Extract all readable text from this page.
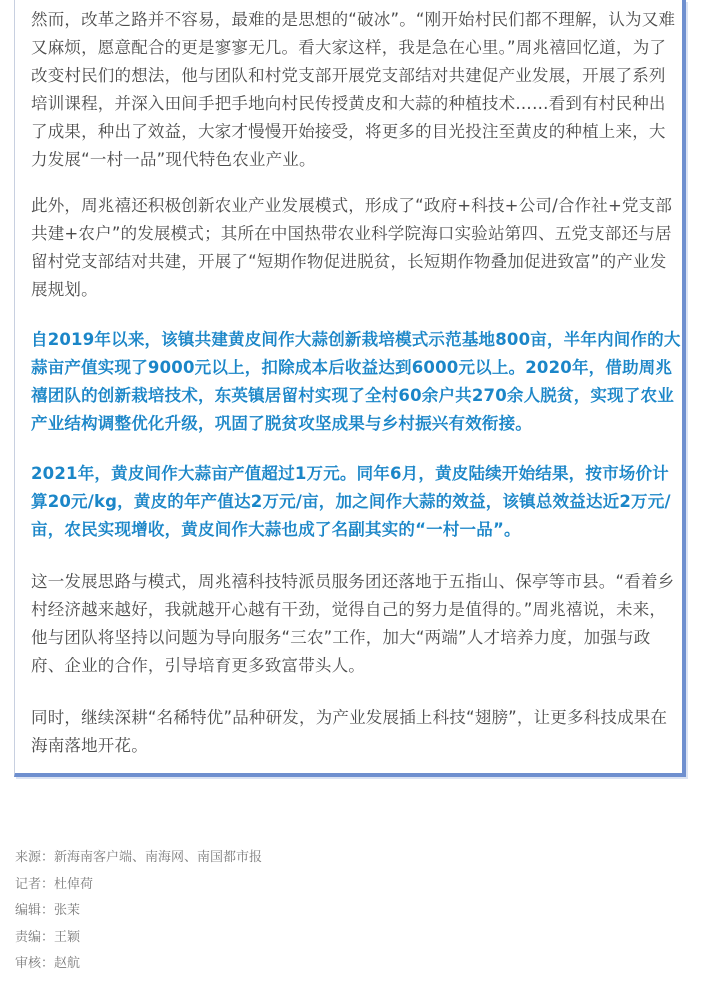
然而，改革之路并不容易，最难的是思想的“破冰”。“刚开始村民们都不理解，认为又难又麻烦，愿意配合的更是寥寥无几。看大家这样，我是急在心里。”周兆禧回忆道，为了改变村民们的想法，他与团队和村党支部开展党支部结对共建促产业发展，开展了系列培训课程，并深入田间手把手地向村民传授黄皮和大蒜的种植技术……看到有村民种出了成果，种出了效益，大家才慢慢开始接受，将更多的目光投注至黄皮的种植上来，大力发展“一村一品”现代特色农业产业。

此外，周兆禧还积极创新农业产业发展模式，形成了“政府+科技+公司/合作社+党支部共建+农户”的发展模式；其所在中国热带农业科学院海口实验站第四、五党支部还与居留村党支部结对共建，开展了“短期作物促进脱贫，长短期作物叠加促进致富”的产业发展规划。

自2019年以来，该镇共建黄皮间作大蒜创新栽培模式示范基地800亩，半年内间作的大蒜亩产值实现了9000元以上，扣除成本后收益达到6000元以上。2020年，借助周兆禧团队的创新栽培技术，东英镇居留村实现了全村60余户共270余人脱贫，实现了农业产业结构调整优化升级，巩固了脱贫攻坚成果与乡村振兴有效衔接。

2021年，黄皮间作大蒜亩产值超过1万元。同年6月，黄皮陆续开始结果，按市场价计算20元/kg，黄皮的年产值达2万元/亩，加之间作大蒜的效益，该镇总效益达近2万元/亩，农民实现增收，黄皮间作大蒜也成了名副其实的“一村一品”。

这一发展思路与模式，周兆禧科技特派员服务团还落地于五指山、保亭等市县。“看着乡村经济越来越好，我就越开心越有干劲，觉得自己的努力是值得的。”周兆禧说，未来，他与团队将坚持以问题为导向服务“三农”工作，加大“两端”人才培养力度，加强与政府、企业的合作，引导培育更多致富带头人。

同时，继续深耕“名稀特优”品种研发，为产业发展插上科技“翅膀”，让更多科技成果在海南落地开花。

来源：新海南客户端、南海网、南国都市报

记者：杜倬荷

编辑：张茉

责编：王颖

审核：赵航
